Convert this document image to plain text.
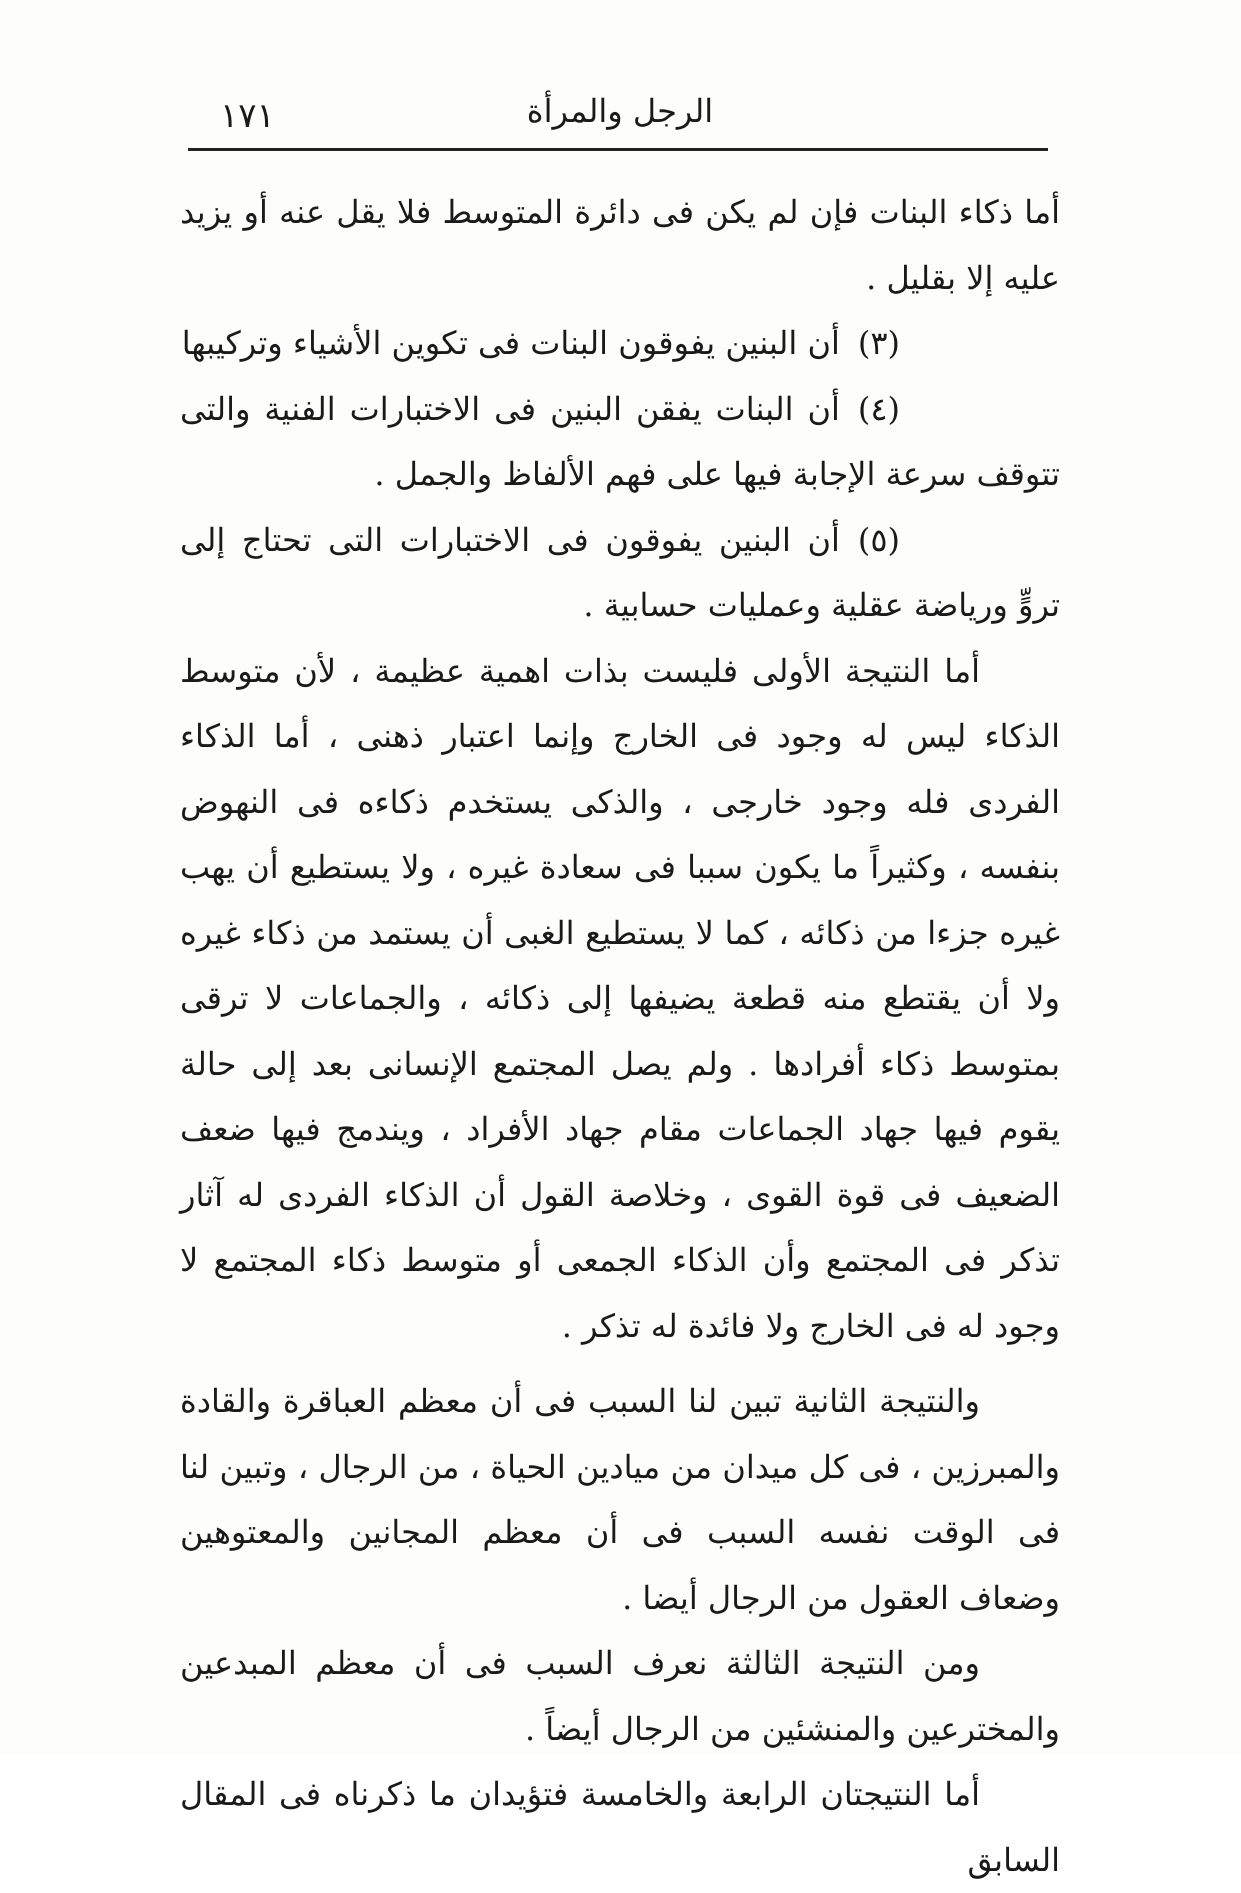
١٧١	الرجل والمرأة

أما ذكاء البنات فإن لم يكن فى دائرة المتوسط فلا يقل عنه أو يزيد عليه إلا بقليل .

(٣)أن البنين يفوقون البنات فى تكوين الأشياء وتركيبها

(٤)أن البنات يفقن البنين فى الاختبارات الفنية والتى تتوقف سرعة الإجابة فيها على فهم الألفاظ والجمل .

(٥)أن البنين يفوقون فى الاختبارات التى تحتاج إلى تروٍّ ورياضة عقلية وعمليات حسابية .

أما النتيجة الأولى فليست بذات اهمية عظيمة ، لأن متوسط الذكاء ليس له وجود فى الخارج وإنما اعتبار ذهنى ، أما الذكاء الفردى فله وجود خارجى ، والذكى يستخدم ذكاءه فى النهوض بنفسه ، وكثيراً ما يكون سببا فى سعادة غيره ، ولا يستطيع أن يهب غيره جزءا من ذكائه ، كما لا يستطيع الغبى أن يستمد من ذكاء غيره ولا أن يقتطع منه قطعة يضيفها إلى ذكائه ، والجماعات لا ترقى بمتوسط ذكاء أفرادها . ولم يصل المجتمع الإنسانى بعد إلى حالة يقوم فيها جهاد الجماعات مقام جهاد الأفراد ، ويندمج فيها ضعف الضعيف فى قوة القوى ، وخلاصة القول أن الذكاء الفردى له آثار تذكر فى المجتمع وأن الذكاء الجمعى أو متوسط ذكاء المجتمع لا وجود له فى الخارج ولا فائدة له تذكر .

والنتيجة الثانية تبين لنا السبب فى أن معظم العباقرة والقادة والمبرزين ، فى كل ميدان من ميادين الحياة ، من الرجال ، وتبين لنا فى الوقت نفسه السبب فى أن معظم المجانين والمعتوهين وضعاف العقول من الرجال أيضا .

ومن النتيجة الثالثة نعرف السبب فى أن معظم المبدعين والمخترعين والمنشئين من الرجال أيضاً .

أما النتيجتان الرابعة والخامسة فتؤيدان ما ذكرناه فى المقال السابق
